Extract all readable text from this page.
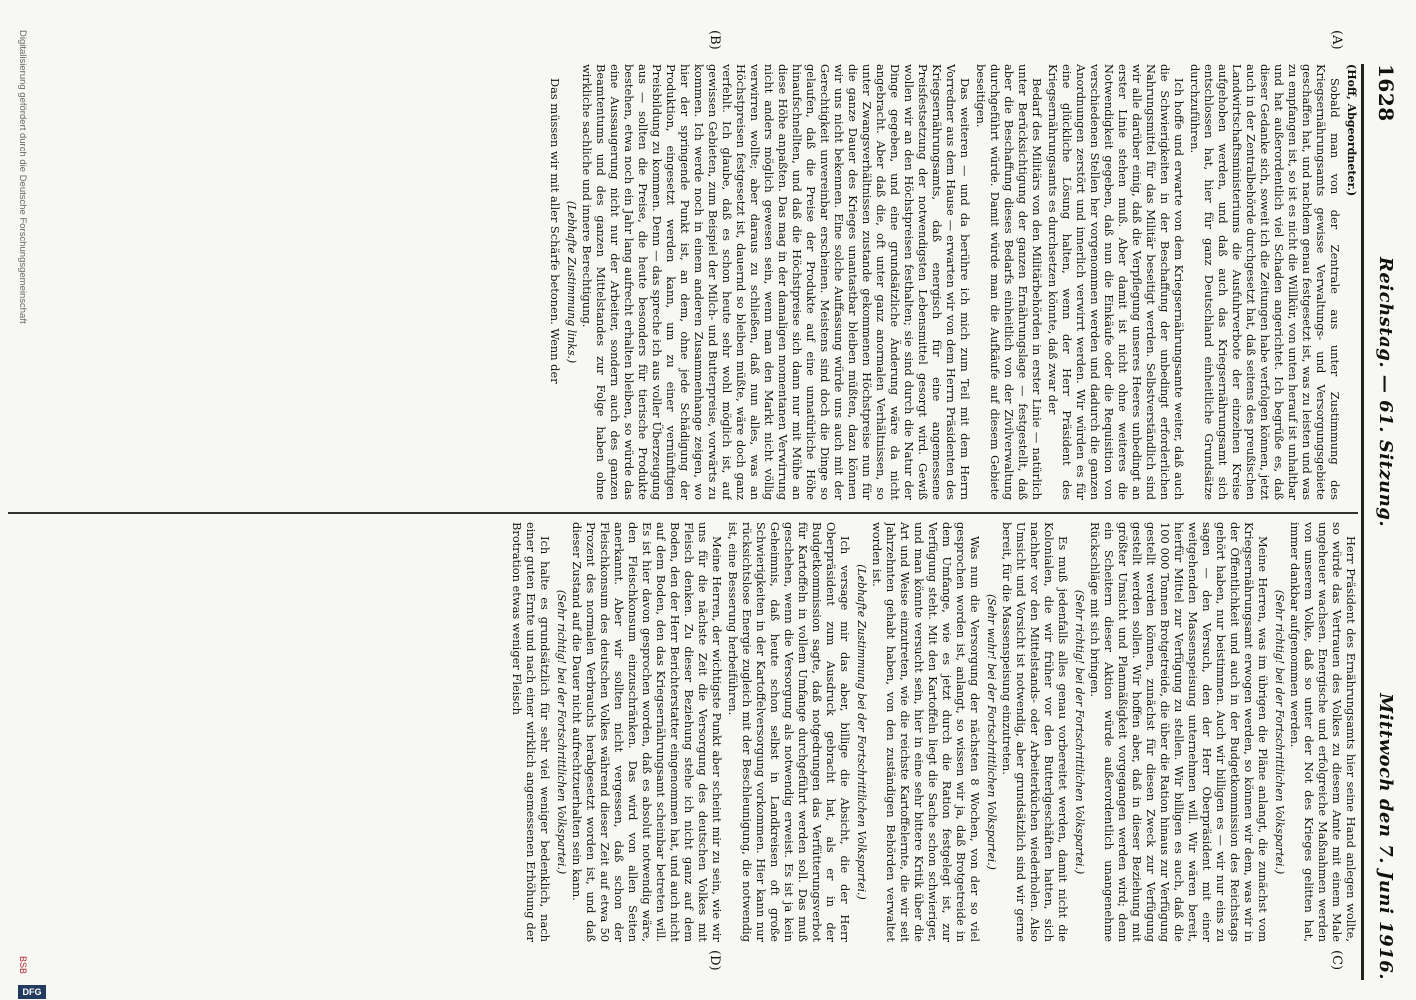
1628
Reichstag. — 61. Sitzung.
Mittwoch den 7. Juni 1916.
(Hoff, Abgeordneter.)

Sobald man von der Zentrale aus unter Zustimmung des Kriegsernährungsamts gewisse Verwaltungs- und Versorgungsgebiete geschaffen hat, und nachdem genau festgesetzt ist, was zu leisten und was zu empfangen ist, so ist es nicht die Willkür, von unten herauf ist unhaltbar und hat außerordentlich viel Schaden angerichtet. Ich begrüße es, daß dieser Gedanke sich, soweit ich die Zeitungen habe verfolgen können, jetzt auch in der Zentralbehörde durchgesetzt hat, daß seitens des preußischen Landwirtschaftsministeriums die Ausfuhrverbote der einzelnen Kreise aufgehoben werden, und daß auch das Kriegsernährungsamt sich entschlossen hat, hier für ganz Deutschland einheitliche Grundsätze durchzuführen.

Ich hoffe und erwarte von dem Kriegsernährungsamte weiter, daß auch die Schwierigkeiten in der Beschaffung der unbedingt erforderlichen Nahrungsmittel für das Militär beseitigt werden. Selbstverständlich sind wir alle darüber einig, daß die Verpflegung unseres Heeres unbedingt an erster Linie stehen muß. Aber damit ist nicht ohne weiteres die Notwendigkeit gegeben, daß nun die Einkäufe oder die Requisition von verschiedenen Stellen her vorgenommen werden und dadurch die ganzen Anordnungen zerstört und innerlich verwirrt werden. Wir würden es für eine glückliche Lösung halten, wenn der Herr Präsident des Kriegsernährungsamts es durchsetzen könnte, daß zwar der

Bedarf des Militärs von den Militärbehörden in erster Linie — natürlich unter Berücksichtigung der ganzen Ernährungslage — festgestellt, daß aber die Beschaffung dieses Bedarfs einheitlich von der Zivilverwaltung durchgeführt würde. Damit würde man die Aufkäufe auf diesem Gebiete beseitigen.

Das weiteren — und da berühre ich mich zum Teil mit dem Herrn Vorredner aus dem Hause — erwarten wir von dem Herrn Präsidenten des Kriegsernährungsamts, daß energisch für eine angemessene Preisfestsetzung der notwendigsten Lebensmittel gesorgt wird. Gewiß wollen wir an den Höchstpreisen festhalten; sie sind durch die Natur der Dinge gegeben, und eine grundsätzliche Änderung wäre da nicht angebracht. Aber daß die, oft unter ganz anormalen Verhältnissen, so unter Zwangsverhältnissen zustande gekommenen Höchstpreise nun für die ganze Dauer des Krieges unantastbar bleiben müßten, dazu können wir uns nicht bekennen. Eine solche Auffassung würde uns auch mit der Gerechtigkeit unvereinbar erscheinen. Meistens sind doch die Dinge so gelaufen, daß die Preise der Produkte auf eine unnatürliche Höhe hinaufschnellten, und daß die Höchstpreise sich dann nur mit Mühe an diese Höhe anpaßten. Das mag in der damaligen momentanen Verwirrung nicht anders möglich gewesen sein, wenn man den Markt nicht völlig verwirren wollte; aber daraus zu schließen, daß nun alles, was an Höchstpreisen festgesetzt ist, dauernd so bleiben müßte, wäre doch ganz verfehlt. Ich glaube, daß es schon heute sehr wohl möglich ist, auf gewissen Gebieten, zum Beispiel der Milch- und Butterpreise, vorwärts zu kommen. Ich werde noch in einem anderen Zusammenhange zeigen, wo hier der springende Punkt ist, an dem, ohne jede Schädigung der Produktion, eingesetzt werden kann, um zu einer vernünftigen Preisbildung zu kommen. Denn — das spreche ich aus voller Überzeugung aus — sollten die Preise, die heute besonders für tierische Produkte bestehen, etwa noch ein Jahr lang aufrecht erhalten bleiben, so würde das eine Aussaugerung nicht nur der Arbeiter, sondern auch des ganzen Beamtentums und des ganzen Mittelstandes zur Folge haben ohne wirkliche sachliche und innere Berechtigung.

(Lebhafte Zustimmung links.)

Das müssen wir mit aller Schärfe betonen. Wenn der

Herr Präsident des Ernährungsamts hier seine Hand anlegen wollte, so würde das Vertrauen des Volkes zu diesem Amte mit einem Male ungeheuer wachsen. Energische und erfolgreiche Maßnahmen werden von unserem Volke, daß so unter der Not des Krieges gelitten hat, immer dankbar aufgenommen werden.

(Sehr richtig! bei der Fortschrittlichen Volkspartei.)

Meine Herren, was im übrigen die Pläne anlangt, die zunächst vom Kriegsernährungsamt erwogen werden, so können wir dem, was wir in der Öffentlichkeit und auch in der Budgetkommission des Reichstags gehört haben, nur beistimmen. Auch wir billigen es — wir nur eins zu sagen — den Versuch, den der Herr Oberpräsident mit einer weitgehenden Massenspeisung unternehmen will. Wir wären bereit, hierfür Mittel zur Verfügung zu stellen. Wir billigen es auch, daß die 100 000 Tonnen Brotgetreide, die über die Ration hinaus zur Verfügung gestellt werden können, zunächst für diesen Zweck zur Verfügung gestellt werden sollen. Wir hoffen aber, daß in dieser Beziehung mit größter Umsicht und Planmäßigkeit vorgegangen werden wird; denn ein Scheitern dieser Aktion würde außerordentlich unangenehme Rückschläge mit sich bringen.

(Sehr richtig! bei der Fortschrittlichen Volkspartei.)

Es muß jedenfalls alles genau vorbereitet werden, damit nicht die Kolonialen, die wir früher vor den Butterlgeschäften hatten, sich nachher vor den Mittelstands- oder Arbeiterküchen wiederholen. Also Umsicht und Vorsicht ist notwendig, aber grundsätzlich sind wir gerne bereit, für die Massenspeisung einzutreten.

(Sehr wahr! bei der Fortschrittlichen Volkspartei.)

Was nun die Versorgung der nächsten 8 Wochen, von der so viel gesprochen worden ist, anlangt, so wissen wir ja, daß Brotgetreide in dem Umfange, wie es jetzt durch die Ration festgelegt ist, zur Verfügung steht. Mit den Kartoffeln liegt die Sache schon schwieriger, und man könnte versucht sein, hier in eine sehr bittere Kritik über die Art und Weise einzutreten, wie die reichste Kartoffelernte, die wir seit Jahrzehnten gehabt haben, von den zuständigen Behörden verwaltet worden ist.

(Lebhafte Zustimmung bei der Fortschrittlichen Volkspartei.)

Ich versage mir das aber, billige die Absicht, die der Herr Oberpräsident zum Ausdruck gebracht hat, als er in der Budgetkommission sagte, daß notgedrungen das Verfütterungsverbot für Kartoffeln in vollem Umfange durchgeführt werden soll. Das muß geschehen, wenn die Versorgung als notwendig erweist. Es ist ja kein Geheimnis, daß heute schon selbst in Landkreisen oft große Schwierigkeiten in der Kartoffelversorgung vorkommen. Hier kann nur rücksichtslose Energie zugleich mit der Beschleunigung, die notwendig ist, eine Besserung herbeiführen.

Meine Herren, der wichtigste Punkt aber scheint mir zu sein, wie wir uns für die nächste Zeit die Versorgung des deutschen Volkes mit Fleisch denken. Zu dieser Beziehung stehe ich nicht ganz auf dem Boden, den der Herr Berichterstatter eingenommen hat, und auch nicht auf dem Boden, den das Kriegsernährungsamt scheinbar betreten will. Es ist hier davon gesprochen worden, daß es absolut notwendig wäre, den Fleischkonsum einzuschränken. Das wird von allen Seiten anerkannt. Aber wir sollten nicht vergessen, daß schon der Fleischkonsum des deutschen Volkes während dieser Zeit auf etwa 50 Prozent des normalen Verbrauchs herabgesetzt worden ist, und daß dieser Zustand auf die Dauer nicht aufrechtzuerhalten sein kann.

(Sehr richtig! bei der Fortschrittlichen Volkspartei.)

Ich halte es grundsätzlich für sehr viel weniger bedenklich, nach einer guten Ernte und nach einer wirklich angemessenen Erhöhung der Brotration etwas weniger Fleisch

(A)
(B)
(C)
(D)
Digitalisierung gefördert durch die Deutsche Forschungsgemeinschaft
BSB
DFG
